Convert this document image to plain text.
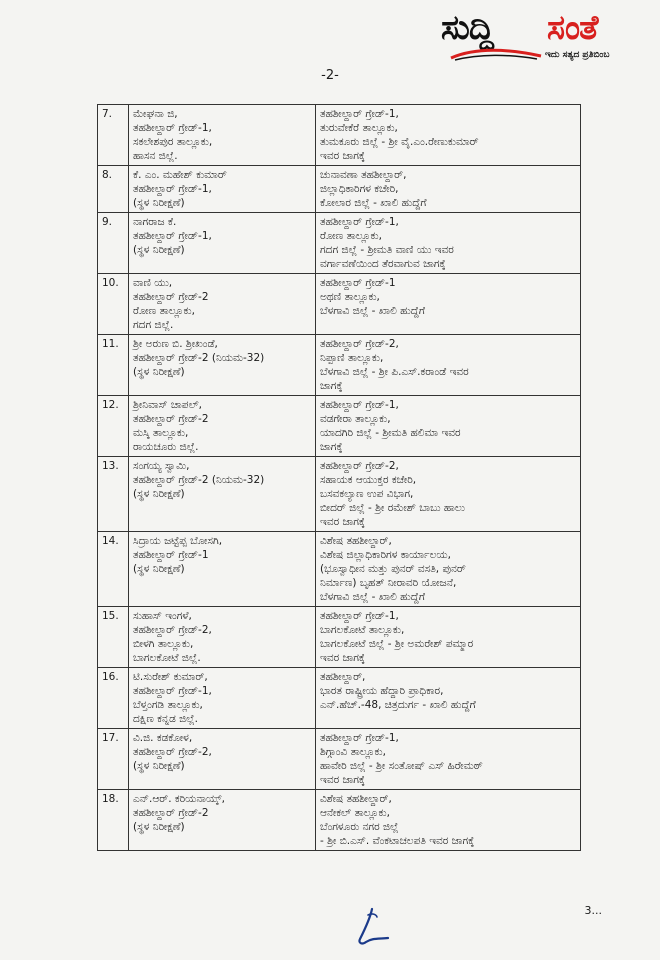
ಸುದ್ದಿ ಸಂತೆ
ಇದು ಸತ್ಯದ ಪ್ರತಿಬಿಂಬ
-2-
7.	ಮೇಘನಾ ಜಿ,
ತಹಶೀಲ್ದಾರ್ ಗ್ರೇಡ್-1,
ಸಕಲೇಶಪುರ ತಾಲ್ಲೂಕು,
ಹಾಸನ ಜಿಲ್ಲೆ.	ತಹಶೀಲ್ದಾರ್ ಗ್ರೇಡ್-1,
ತುರುವೇಕೆರೆ ತಾಲ್ಲೂಕು,
ತುಮಕೂರು ಜಿಲ್ಲೆ - ಶ್ರೀ ವೈ.ಎಂ.ರೇಣುಕುಮಾರ್
ಇವರ ಜಾಗಕ್ಕೆ

8.	ಕೆ. ಎಂ. ಮಹೇಶ್ ಕುಮಾರ್
ತಹಶೀಲ್ದಾರ್ ಗ್ರೇಡ್-1,
(ಸ್ಥಳ ನಿರೀಕ್ಷಣೆ)	ಚುನಾವಣಾ ತಹಶೀಲ್ದಾರ್,
ಜಿಲ್ಲಾಧಿಕಾರಿಗಳ ಕಚೇರಿ,
ಕೋಲಾರ ಜಿಲ್ಲೆ - ಖಾಲಿ ಹುದ್ದೆಗೆ

9.	ನಾಗರಾಜ ಕೆ.
ತಹಶೀಲ್ದಾರ್ ಗ್ರೇಡ್-1,
(ಸ್ಥಳ ನಿರೀಕ್ಷಣೆ)	ತಹಶೀಲ್ದಾರ್ ಗ್ರೇಡ್-1,
ರೋಣ ತಾಲ್ಲೂಕು,
ಗದಗ ಜಿಲ್ಲೆ - ಶ್ರೀಮತಿ ವಾಣಿ ಯು ಇವರ
ವರ್ಗಾವಣೆಯಿಂದ ತೆರವಾಗುವ ಜಾಗಕ್ಕೆ

10.	ವಾಣಿ ಯು,
ತಹಶೀಲ್ದಾರ್ ಗ್ರೇಡ್-2
ರೋಣ ತಾಲ್ಲೂಕು,
ಗದಗ ಜಿಲ್ಲೆ.	ತಹಶೀಲ್ದಾರ್ ಗ್ರೇಡ್-1
ಅಥಣಿ ತಾಲ್ಲೂಕು,
ಬೆಳಗಾವಿ ಜಿಲ್ಲೆ - ಖಾಲಿ ಹುದ್ದೆಗೆ

11.	ಶ್ರೀ ಅರುಣ ಬಿ. ಶ್ರೀಖಂಡೆ,
ತಹಶೀಲ್ದಾರ್ ಗ್ರೇಡ್-2 (ನಿಯಮ-32)
(ಸ್ಥಳ ನಿರೀಕ್ಷಣೆ)	ತಹಶೀಲ್ದಾರ್ ಗ್ರೇಡ್-2,
ನಿಪ್ಪಾಣಿ ತಾಲ್ಲೂಕು,
ಬೆಳಗಾವಿ ಜಿಲ್ಲೆ - ಶ್ರೀ ಪಿ.ಎಸ್.ಕರಾಂಡೆ ಇವರ
ಜಾಗಕ್ಕೆ

12.	ಶ್ರೀನಿವಾಸ್ ಚಾಪಲ್,
ತಹಶೀಲ್ದಾರ್ ಗ್ರೇಡ್-2
ಮಸ್ಕಿ ತಾಲ್ಲೂಕು,
ರಾಯಚೂರು ಜಿಲ್ಲೆ.	ತಹಶೀಲ್ದಾರ್ ಗ್ರೇಡ್-1,
ವಡಗೇರಾ ತಾಲ್ಲೂಕು,
ಯಾದಗಿರಿ ಜಿಲ್ಲೆ - ಶ್ರೀಮತಿ ಹಲಿಮಾ ಇವರ
ಜಾಗಕ್ಕೆ

13.	ಸಂಗಯ್ಯ ಸ್ವಾಮಿ,
ತಹಶೀಲ್ದಾರ್ ಗ್ರೇಡ್-2 (ನಿಯಮ-32)
(ಸ್ಥಳ ನಿರೀಕ್ಷಣೆ)	ತಹಶೀಲ್ದಾರ್ ಗ್ರೇಡ್-2,
ಸಹಾಯಕ ಆಯುಕ್ತರ ಕಚೇರಿ,
ಬಸವಕಲ್ಯಾಣ ಉಪ ವಿಭಾಗ,
ಬೀದರ್ ಜಿಲ್ಲೆ - ಶ್ರೀ ರಮೇಶ್ ಬಾಬು ಹಾಲು
ಇವರ ಜಾಗಕ್ಕೆ

14.	ಸಿದ್ರಾಯ ಜಟ್ಟೆಪ್ಪ ಬೋಸಗಿ,
ತಹಶೀಲ್ದಾರ್ ಗ್ರೇಡ್-1
(ಸ್ಥಳ ನಿರೀಕ್ಷಣೆ)	ವಿಶೇಷ ತಹಶೀಲ್ದಾರ್,
ವಿಶೇಷ ಜಿಲ್ಲಾಧಿಕಾರಿಗಳ ಕಾರ್ಯಾಲಯ,
(ಭೂಸ್ವಾಧೀನ ಮತ್ತು ಪುನರ್ ವಸತಿ, ಪುನರ್
ನಿರ್ಮಾಣ) ಬೃಹತ್ ನೀರಾವರಿ ಯೋಜನೆ,
ಬೆಳಗಾವಿ ಜಿಲ್ಲೆ - ಖಾಲಿ ಹುದ್ದೆಗೆ

15.	ಸುಹಾಸ್ ಇಂಗಳೆ,
ತಹಶೀಲ್ದಾರ್ ಗ್ರೇಡ್-2,
ಬೀಳಗಿ ತಾಲ್ಲೂಕು,
ಬಾಗಲಕೋಟೆ ಜಿಲ್ಲೆ.	ತಹಶೀಲ್ದಾರ್ ಗ್ರೇಡ್-1,
ಬಾಗಲಕೋಟೆ ತಾಲ್ಲೂಕು,
ಬಾಗಲಕೋಟೆ ಜಿಲ್ಲೆ - ಶ್ರೀ ಅಮರೇಶ್ ಪಮ್ಮಾರ
ಇವರ ಜಾಗಕ್ಕೆ

16.	ಟಿ.ಸುರೇಶ್ ಕುಮಾರ್,
ತಹಶೀಲ್ದಾರ್ ಗ್ರೇಡ್-1,
ಬೆಳ್ತಂಗಡಿ ತಾಲ್ಲೂಕು,
ದಕ್ಷಿಣ ಕನ್ನಡ ಜಿಲ್ಲೆ.	ತಹಶೀಲ್ದಾರ್,
ಭಾರತ ರಾಷ್ಟ್ರೀಯ ಹೆದ್ದಾರಿ ಪ್ರಾಧಿಕಾರ,
ಎನ್.ಹೆಚ್.-48, ಚಿತ್ರದುರ್ಗ - ಖಾಲಿ ಹುದ್ದೆಗೆ

17.	ವಿ.ಜಿ. ಕಡಕೋಳ,
ತಹಶೀಲ್ದಾರ್ ಗ್ರೇಡ್-2,
(ಸ್ಥಳ ನಿರೀಕ್ಷಣೆ)	ತಹಶೀಲ್ದಾರ್ ಗ್ರೇಡ್-1,
ಶಿಗ್ಗಾಂವಿ ತಾಲ್ಲೂಕು,
ಹಾವೇರಿ ಜಿಲ್ಲೆ - ಶ್ರೀ ಸಂತೋಷ್ ಎಸ್ ಹಿರೇಮಠ್
ಇವರ ಜಾಗಕ್ಕೆ

18.	ಎನ್.ಆರ್. ಕರಿಯನಾಯ್ಕ್,
ತಹಶೀಲ್ದಾರ್ ಗ್ರೇಡ್-2
(ಸ್ಥಳ ನಿರೀಕ್ಷಣೆ)	ವಿಶೇಷ ತಹಶೀಲ್ದಾರ್,
ಆನೇಕಲ್ ತಾಲ್ಲೂಕು,
ಬೆಂಗಳೂರು ನಗರ ಜಿಲ್ಲೆ
- ಶ್ರೀ ಬಿ.ಎಸ್. ವೆಂಕಟಾಚಲಪತಿ ಇವರ ಜಾಗಕ್ಕೆ
3...
